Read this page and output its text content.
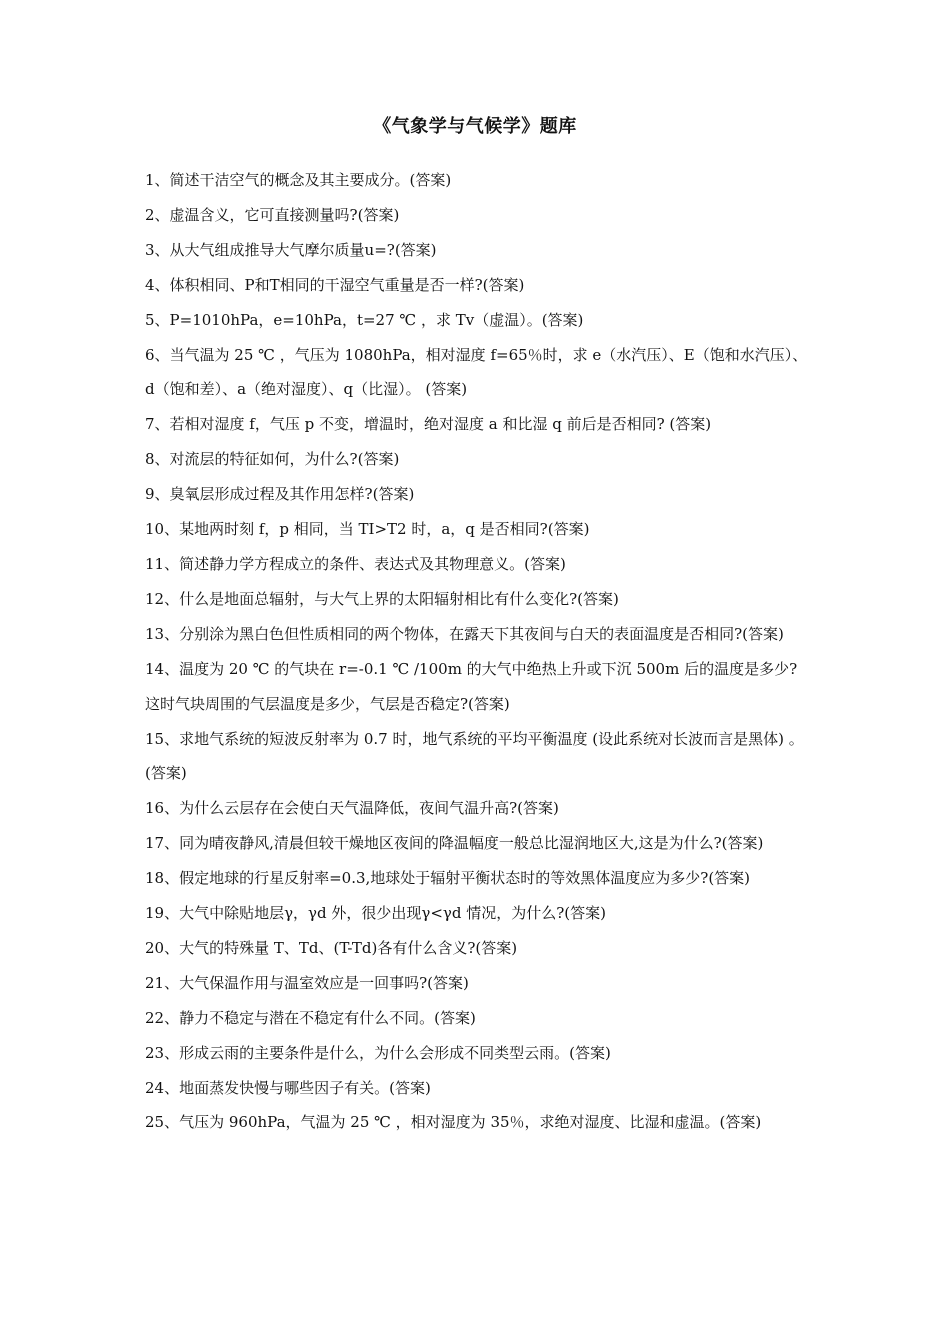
《气象学与气候学》题库
1、简述干洁空气的概念及其主要成分。(答案)
2、虚温含义，它可直接测量吗?(答案)
3、从大气组成推导大气摩尔质量u=?(答案)
4、体积相同、P和T相同的干湿空气重量是否一样?(答案)
5、P=1010hPa，e=10hPa，t=27 ℃ ，求 Tv（虚温）。(答案)
6、当气温为 25 ℃ ，气压为 1080hPa，相对湿度 f=65％时，求 e（水汽压）、E（饱和水汽压）、d（饱和差）、a（绝对湿度）、q（比湿）。 (答案)
7、若相对湿度 f，气压 p 不变，增温时，绝对湿度 a 和比湿 q 前后是否相同? (答案)
8、对流层的特征如何，为什么?(答案)
9、臭氧层形成过程及其作用怎样?(答案)
10、某地两时刻 f，p 相同，当 TI>T2 时，a，q 是否相同?(答案)
11、简述静力学方程成立的条件、表达式及其物理意义。(答案)
12、什么是地面总辐射，与大气上界的太阳辐射相比有什么变化?(答案)
13、分别涂为黑白色但性质相同的两个物体，在露天下其夜间与白天的表面温度是否相同?(答案)
14、温度为 20 ℃ 的气块在 r=-0.1 ℃ /100m 的大气中绝热上升或下沉 500m 后的温度是多少? 这时气块周围的气层温度是多少，气层是否稳定?(答案)
15、求地气系统的短波反射率为 0.7 时，地气系统的平均平衡温度 (设此系统对长波而言是黑体) 。(答案)
16、为什么云层存在会使白天气温降低，夜间气温升高?(答案)
17、同为晴夜静风,清晨但较干燥地区夜间的降温幅度一般总比湿润地区大,这是为什么?(答案)
18、假定地球的行星反射率=0.3,地球处于辐射平衡状态时的等效黑体温度应为多少?(答案)
19、大气中除贴地层γ，γd 外，很少出现γ<γd 情况，为什么?(答案)
20、大气的特殊量 T、Td、(T-Td)各有什么含义?(答案)
21、大气保温作用与温室效应是一回事吗?(答案)
22、静力不稳定与潜在不稳定有什么不同。(答案)
23、形成云雨的主要条件是什么，为什么会形成不同类型云雨。(答案)
24、地面蒸发快慢与哪些因子有关。(答案)
25、气压为 960hPa，气温为 25 ℃ ，相对湿度为 35％，求绝对湿度、比湿和虚温。(答案)
